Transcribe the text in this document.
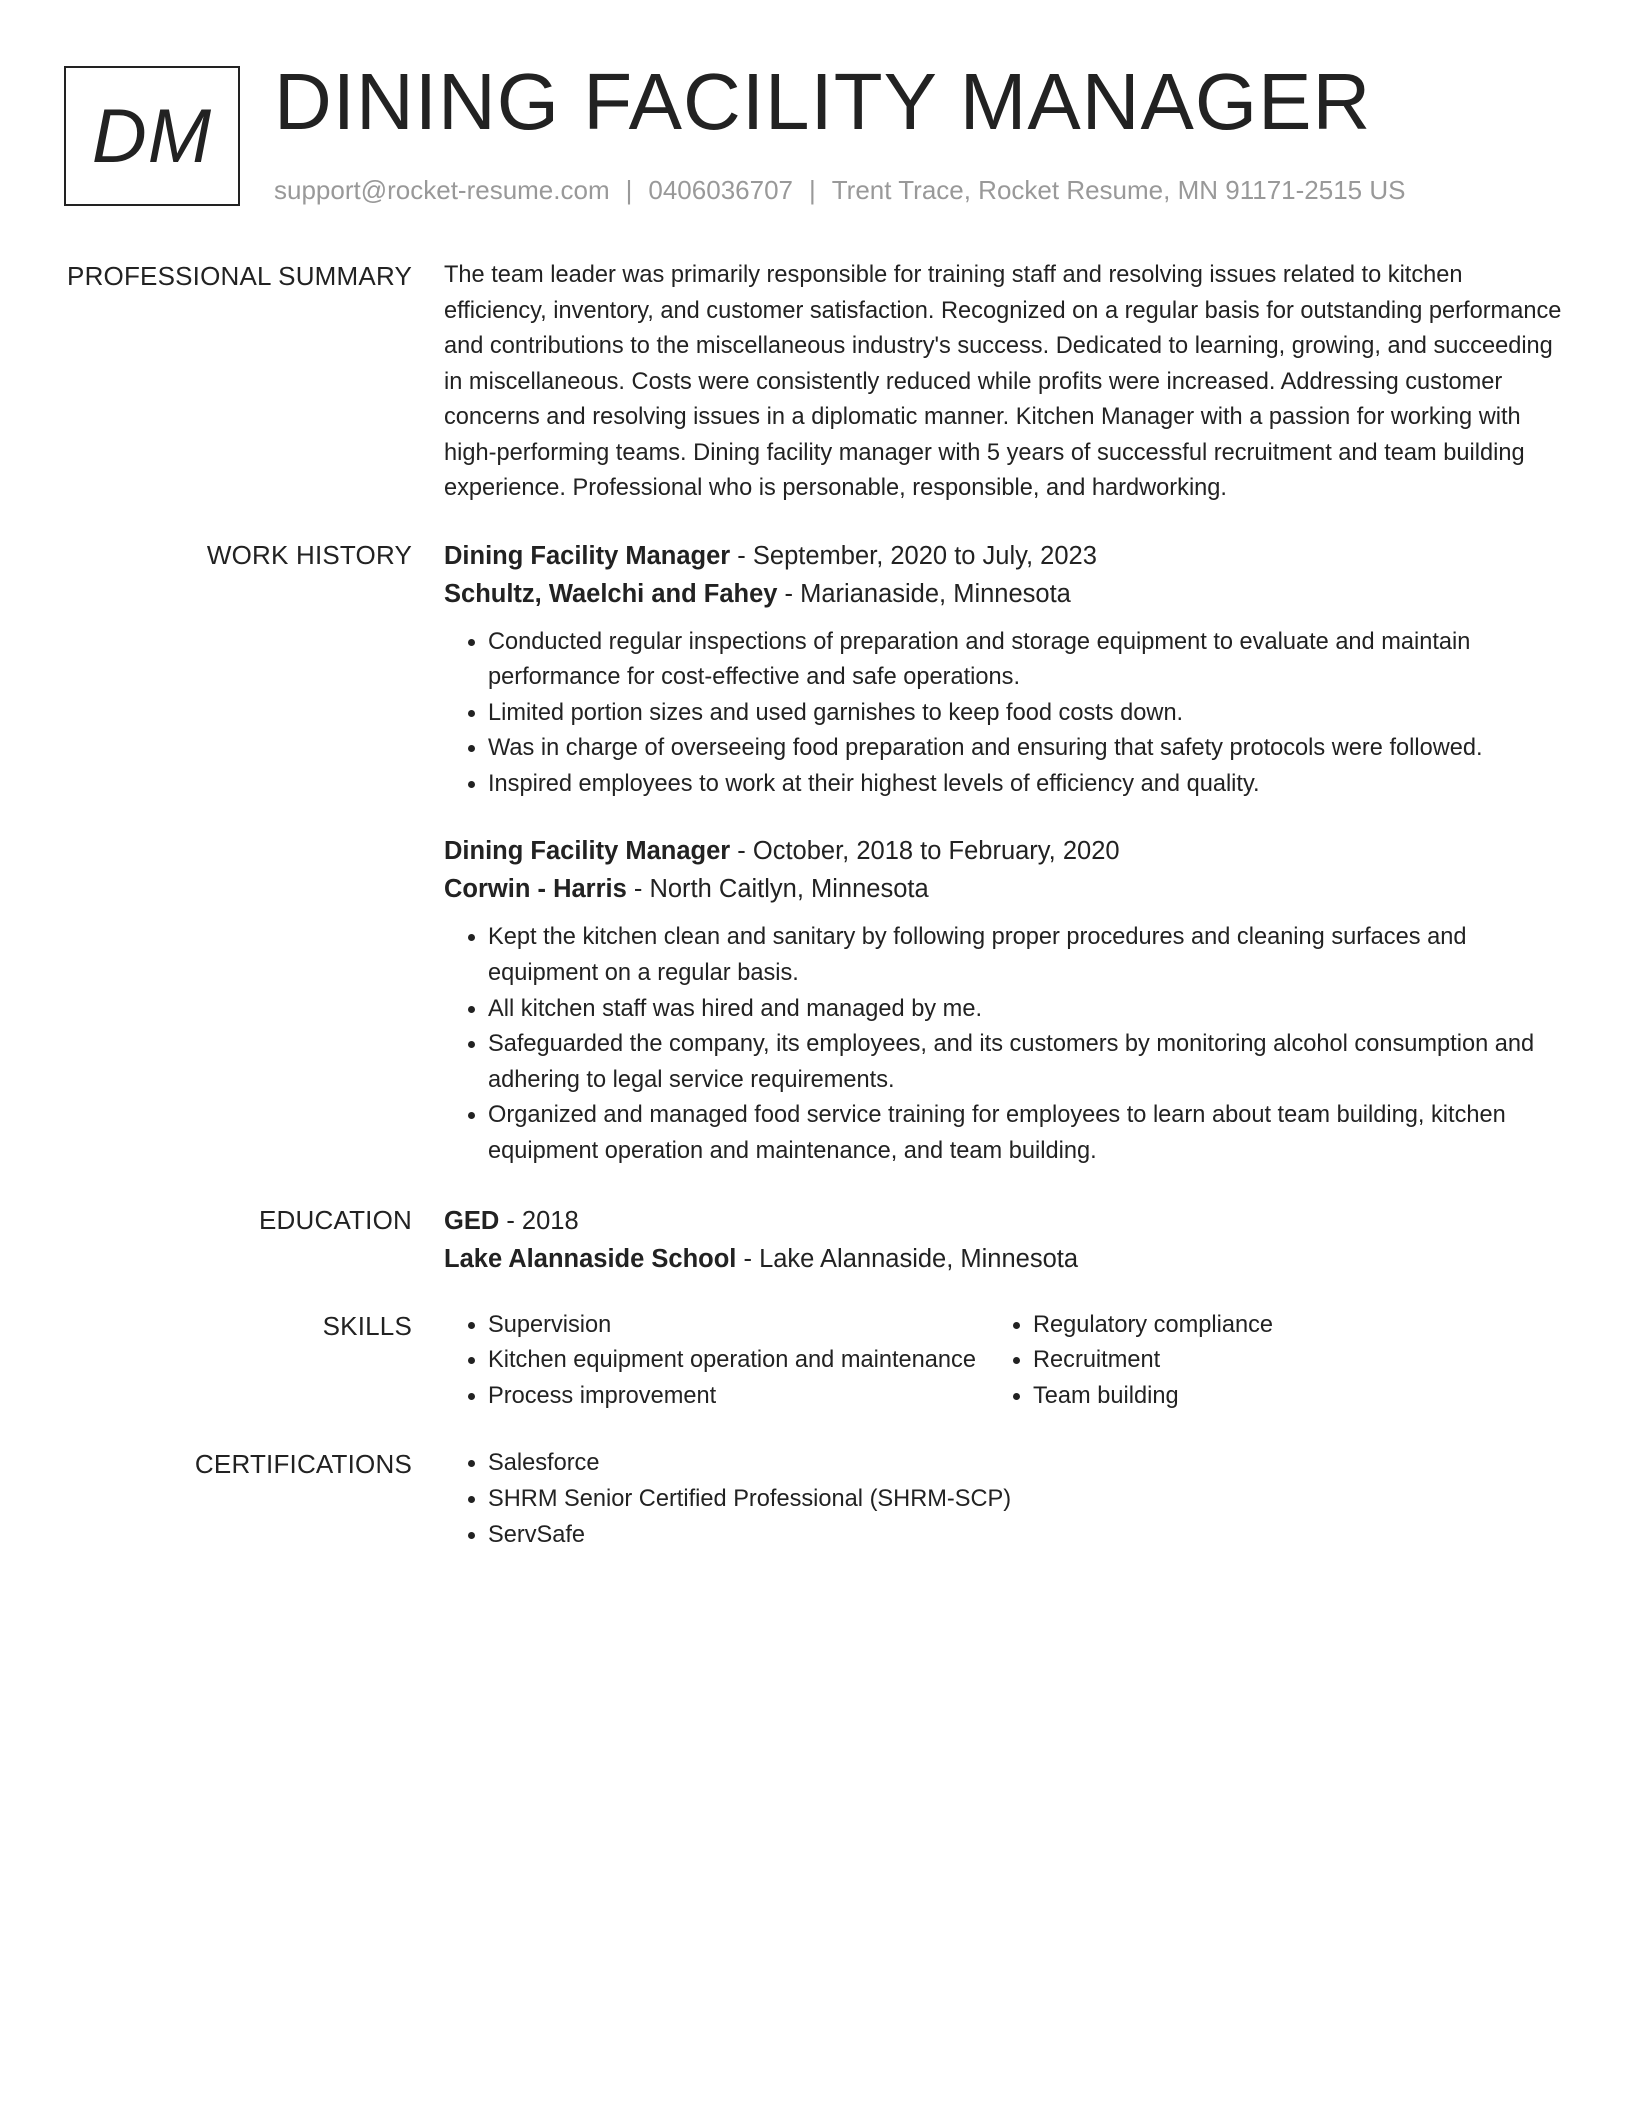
DM DINING FACILITY MANAGER
support@rocket-resume.com | 0406036707 | Trent Trace, Rocket Resume, MN 91171-2515 US
PROFESSIONAL SUMMARY The team leader was primarily responsible for training staff and resolving issues related to kitchen efficiency, inventory, and customer satisfaction. Recognized on a regular basis for outstanding performance and contributions to the miscellaneous industry's success. Dedicated to learning, growing, and succeeding in miscellaneous. Costs were consistently reduced while profits were increased. Addressing customer concerns and resolving issues in a diplomatic manner. Kitchen Manager with a passion for working with high-performing teams. Dining facility manager with 5 years of successful recruitment and team building experience. Professional who is personable, responsible, and hardworking.

WORK HISTORY Dining Facility Manager - September, 2020 to July, 2023
Schultz, Waelchi and Fahey - Marianaside, Minnesota
• Conducted regular inspections of preparation and storage equipment to evaluate and maintain performance for cost-effective and safe operations.
• Limited portion sizes and used garnishes to keep food costs down.
• Was in charge of overseeing food preparation and ensuring that safety protocols were followed.
• Inspired employees to work at their highest levels of efficiency and quality.
Dining Facility Manager - October, 2018 to February, 2020
Corwin - Harris - North Caitlyn, Minnesota
• Kept the kitchen clean and sanitary by following proper procedures and cleaning surfaces and equipment on a regular basis.
• All kitchen staff was hired and managed by me.
• Safeguarded the company, its employees, and its customers by monitoring alcohol consumption and adhering to legal service requirements.
• Organized and managed food service training for employees to learn about team building, kitchen equipment operation and maintenance, and team building.
EDUCATION GED - 2018
Lake Alannaside School - Lake Alannaside, Minnesota
SKILLS	• Supervision
• Kitchen equipment operation and maintenance
• Process improvement
• Regulatory compliance
• Recruitment
• Team building
CERTIFICATIONS	• Salesforce
• SHRM Senior Certified Professional (SHRM-SCP)
• ServSafe
